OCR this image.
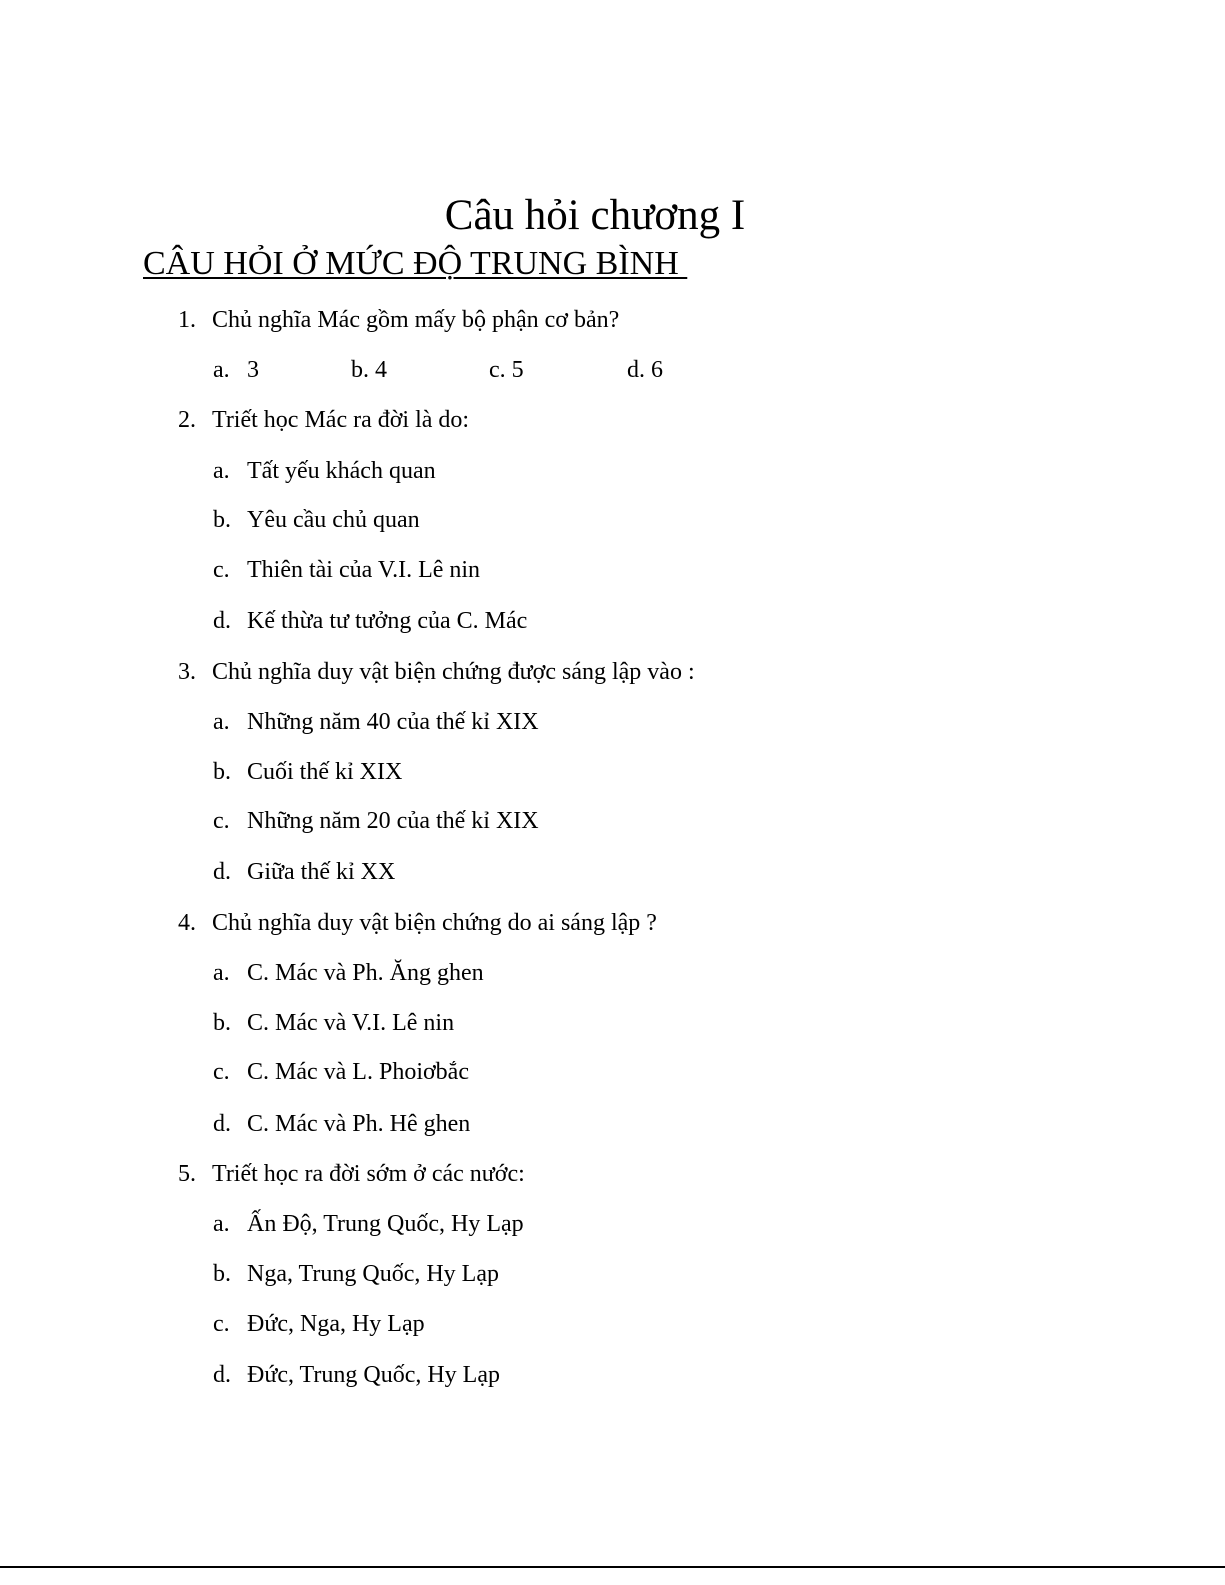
Câu hỏi chương I
CÂU HỎI Ở MỨC ĐỘ TRUNG BÌNH
1. Chủ nghĩa Mác gồm mấy bộ phận cơ bản?
a. 3	b. 4	c. 5	d. 6
2. Triết học Mác ra đời là do:
a. Tất yếu khách quan
b. Yêu cầu chủ quan
c. Thiên tài của V.I. Lê nin
d. Kế thừa tư tưởng của C. Mác
3. Chủ nghĩa duy vật biện chứng được sáng lập vào :
a. Những năm 40 của thế kỉ XIX
b. Cuối thế kỉ XIX
c. Những năm 20 của thế kỉ XIX
d. Giữa thế kỉ XX
4. Chủ nghĩa duy vật biện chứng do ai sáng lập ?
a. C. Mác và Ph. Ăng ghen
b. C. Mác và V.I. Lê nin
c. C. Mác và L. Phoiơbắc
d. C. Mác và Ph. Hê ghen
5. Triết học ra đời sớm ở các nước:
a. Ấn Độ, Trung Quốc, Hy Lạp
b. Nga, Trung Quốc, Hy Lạp
c. Đức, Nga, Hy Lạp
d. Đức, Trung Quốc, Hy Lạp
